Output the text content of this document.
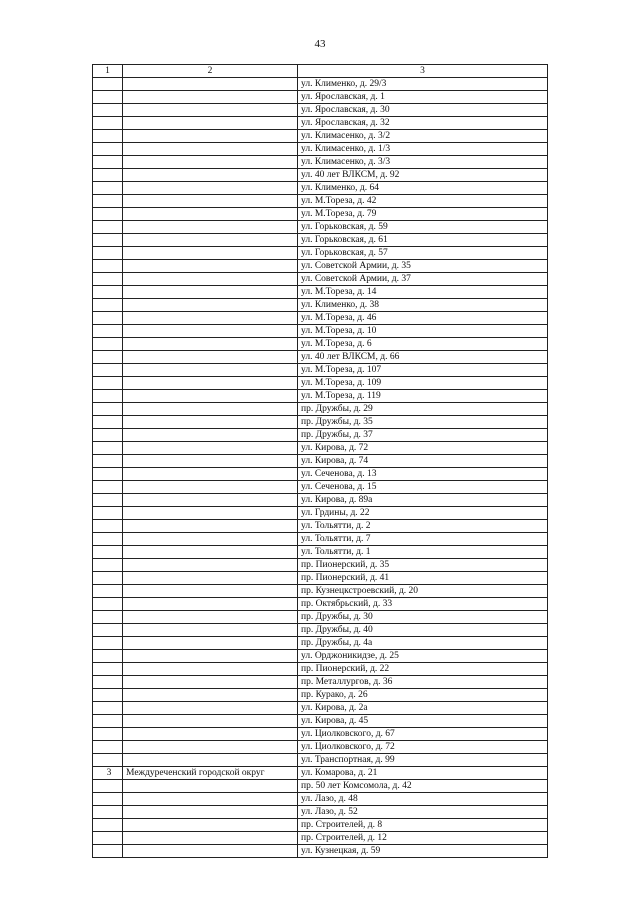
43
1	2	3
		ул. Клименко, д. 29/3
		ул. Ярославская, д. 1
		ул. Ярославская, д. 30
		ул. Ярославская, д. 32
		ул. Климасенко, д. 3/2
		ул. Климасенко, д. 1/3
		ул. Климасенко, д. 3/3
		ул. 40 лет ВЛКСМ, д. 92
		ул. Клименко, д. 64
		ул. М.Тореза, д. 42
		ул. М.Тореза, д. 79
		ул. Горьковская, д. 59
		ул. Горьковская, д. 61
		ул. Горьковская, д. 57
		ул. Советской Армии, д. 35
		ул. Советской Армии, д. 37
		ул. М.Тореза, д. 14
		ул. Клименко, д. 38
		ул. М.Тореза, д. 46
		ул. М.Тореза, д. 10
		ул. М.Тореза, д. 6
		ул. 40 лет ВЛКСМ, д. 66
		ул. М.Тореза, д. 107
		ул. М.Тореза, д. 109
		ул. М.Тореза, д. 119
		пр. Дружбы, д. 29
		пр. Дружбы, д. 35
		пр. Дружбы, д. 37
		ул. Кирова, д. 72
		ул. Кирова, д. 74
		ул. Сеченова, д. 13
		ул. Сеченова, д. 15
		ул. Кирова, д. 89а
		ул. Грдины, д. 22
		ул. Тольятти, д. 2
		ул. Тольятти, д. 7
		ул. Тольятти, д. 1
		пр. Пионерский, д. 35
		пр. Пионерский, д. 41
		пр. Кузнецкстроевский, д. 20
		пр. Октябрьский, д. 33
		пр. Дружбы, д. 30
		пр. Дружбы, д. 40
		пр. Дружбы, д. 4а
		ул. Орджоникидзе, д. 25
		пр. Пионерский, д. 22
		пр. Металлургов, д. 36
		пр. Курако, д. 26
		ул. Кирова, д. 2а
		ул. Кирова, д. 45
		ул. Циолковского, д. 67
		ул. Циолковского, д. 72
		ул. Транспортная, д. 99
3	Междуреченский городской округ	ул. Комарова, д. 21
		пр. 50 лет Комсомола, д. 42
		ул. Лазо, д. 48
		ул. Лазо, д. 52
		пр. Строителей, д. 8
		пр. Строителей, д. 12
		ул. Кузнецкая, д. 59
